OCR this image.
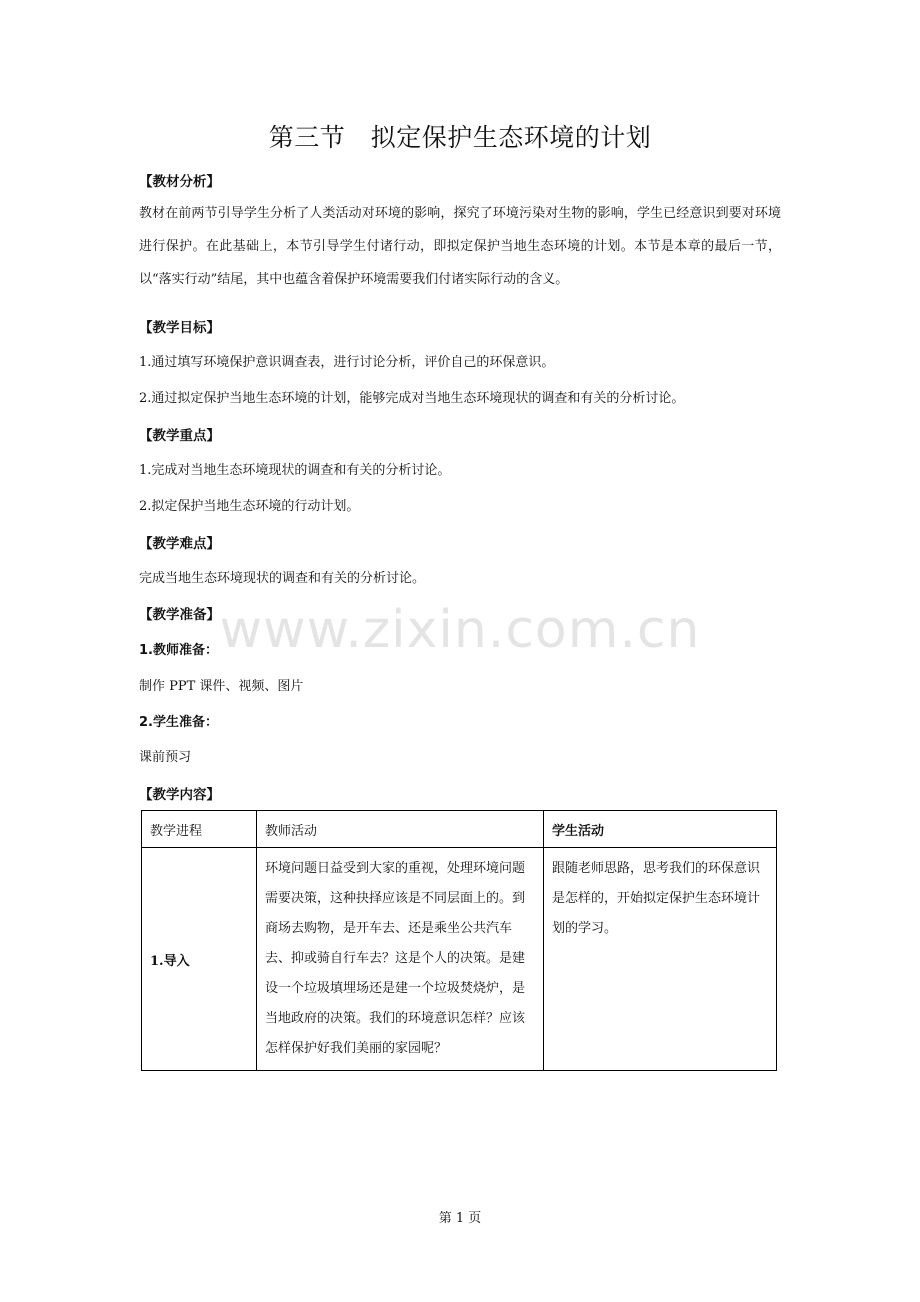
第三节　拟定保护生态环境的计划
【教材分析】
教材在前两节引导学生分析了人类活动对环境的影响，探究了环境污染对生物的影响，学生已经意识到要对环境进行保护。在此基础上，本节引导学生付诸行动，即拟定保护当地生态环境的计划。本节是本章的最后一节，以“落实行动”结尾，其中也蕴含着保护环境需要我们付诸实际行动的含义。
【教学目标】
1.通过填写环境保护意识调查表，进行讨论分析，评价自己的环保意识。
2.通过拟定保护当地生态环境的计划，能够完成对当地生态环境现状的调查和有关的分析讨论。
【教学重点】
1.完成对当地生态环境现状的调查和有关的分析讨论。
2.拟定保护当地生态环境的行动计划。
【教学难点】
完成当地生态环境现状的调查和有关的分析讨论。
【教学准备】
1.教师准备：
制作 PPT 课件、视频、图片
2.学生准备：
课前预习
【教学内容】
教学进程	教师活动	学生活动
1.导入	环境问题日益受到大家的重视，处理环境问题需要决策，这种抉择应该是不同层面上的。到商场去购物，是开车去、还是乘坐公共汽车去、抑或骑自行车去？这是个人的决策。是建设一个垃圾填埋场还是建一个垃圾焚烧炉，是当地政府的决策。我们的环境意识怎样？应该怎样保护好我们美丽的家园呢？	跟随老师思路，思考我们的环保意识是怎样的，开始拟定保护生态环境计划的学习。
www.zixin.com.cn
第 1 页
